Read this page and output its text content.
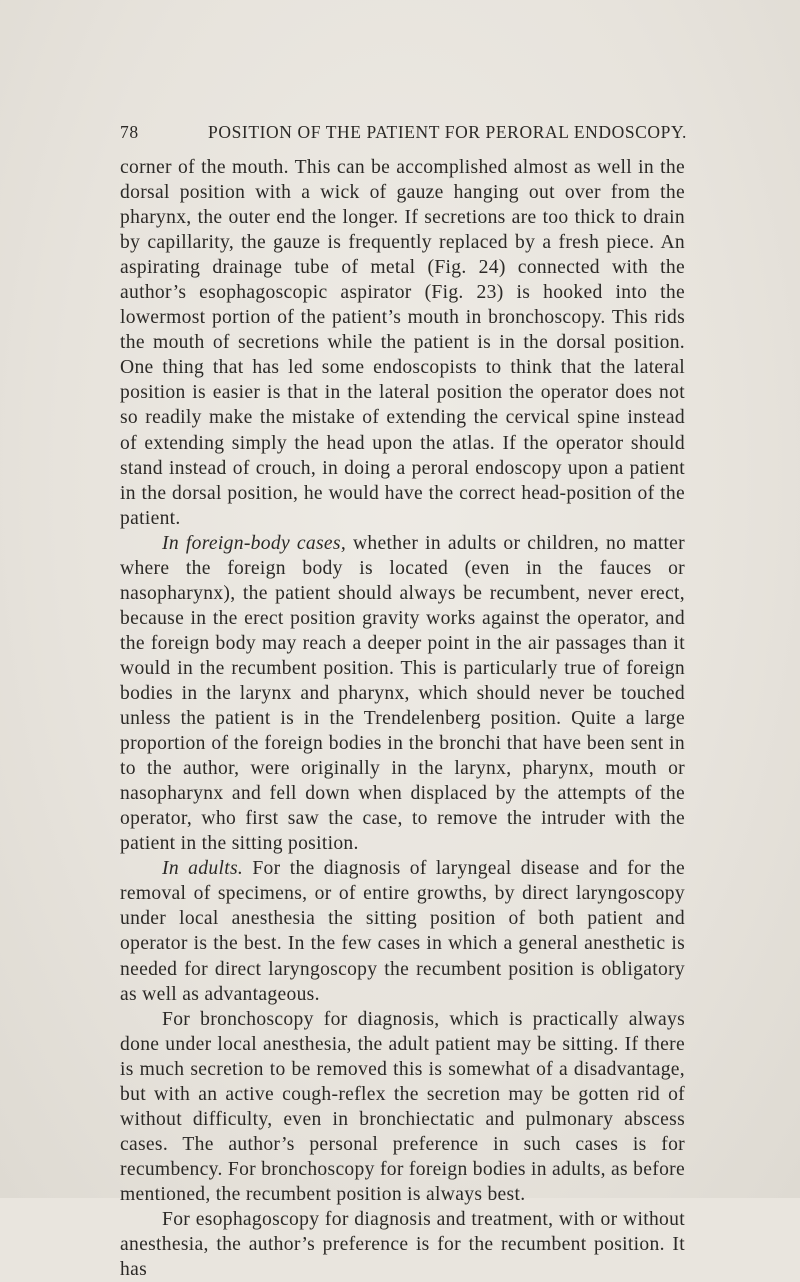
78	POSITION OF THE PATIENT FOR PERORAL ENDOSCOPY.

corner of the mouth. This can be accomplished almost as well in the dorsal position with a wick of gauze hanging out over from the pharynx, the outer end the longer. If secretions are too thick to drain by capillarity, the gauze is frequently replaced by a fresh piece. An aspirating drainage tube of metal (Fig. 24) connected with the author’s esophagoscopic aspirator (Fig. 23) is hooked into the lowermost portion of the patient’s mouth in bronchoscopy. This rids the mouth of secretions while the patient is in the dorsal position. One thing that has led some endoscopists to think that the lateral position is easier is that in the lateral position the operator does not so readily make the mistake of extending the cervical spine instead of extending simply the head upon the atlas. If the operator should stand instead of crouch, in doing a peroral endoscopy upon a patient in the dorsal position, he would have the correct head-position of the patient.

In foreign-body cases, whether in adults or children, no matter where the foreign body is located (even in the fauces or nasopharynx), the patient should always be recumbent, never erect, because in the erect position gravity works against the operator, and the foreign body may reach a deeper point in the air passages than it would in the recumbent position. This is particularly true of foreign bodies in the larynx and pharynx, which should never be touched unless the patient is in the Trendelenberg position. Quite a large proportion of the foreign bodies in the bronchi that have been sent in to the author, were originally in the larynx, pharynx, mouth or nasopharynx and fell down when displaced by the attempts of the operator, who first saw the case, to remove the intruder with the patient in the sitting position.

In adults. For the diagnosis of laryngeal disease and for the removal of specimens, or of entire growths, by direct laryngoscopy under local anesthesia the sitting position of both patient and operator is the best. In the few cases in which a general anesthetic is needed for direct laryngoscopy the recumbent position is obligatory as well as advantageous.

For bronchoscopy for diagnosis, which is practically always done under local anesthesia, the adult patient may be sitting. If there is much secretion to be removed this is somewhat of a disadvantage, but with an active cough-reflex the secretion may be gotten rid of without difficulty, even in bronchiectatic and pulmonary abscess cases. The author’s personal preference in such cases is for recumbency. For bronchoscopy for foreign bodies in adults, as before mentioned, the recumbent position is always best.

For esophagoscopy for diagnosis and treatment, with or without anesthesia, the author’s preference is for the recumbent position. It has
